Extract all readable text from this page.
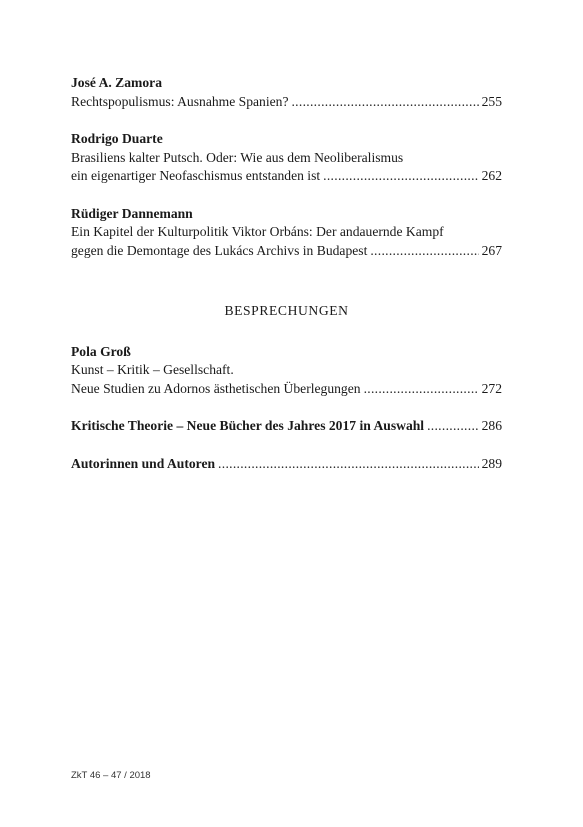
José A. Zamora
Rechtspopulismus: Ausnahme Spanien? .....	255
Rodrigo Duarte
Brasiliens kalter Putsch. Oder: Wie aus dem Neoliberalismus
ein eigenartiger Neofaschismus entstanden ist .....	262
Rüdiger Dannemann
Ein Kapitel der Kulturpolitik Viktor Orbáns: Der andauernde Kampf
gegen die Demontage des Lukács Archivs in Budapest .....	267
BESPRECHUNGEN
Pola Groß
Kunst – Kritik – Gesellschaft.
Neue Studien zu Adornos ästhetischen Überlegungen .....	272
Kritische Theorie – Neue Bücher des Jahres 2017 in Auswahl .....	286
Autorinnen und Autoren .....	289
ZkT 46 – 47 / 2018
